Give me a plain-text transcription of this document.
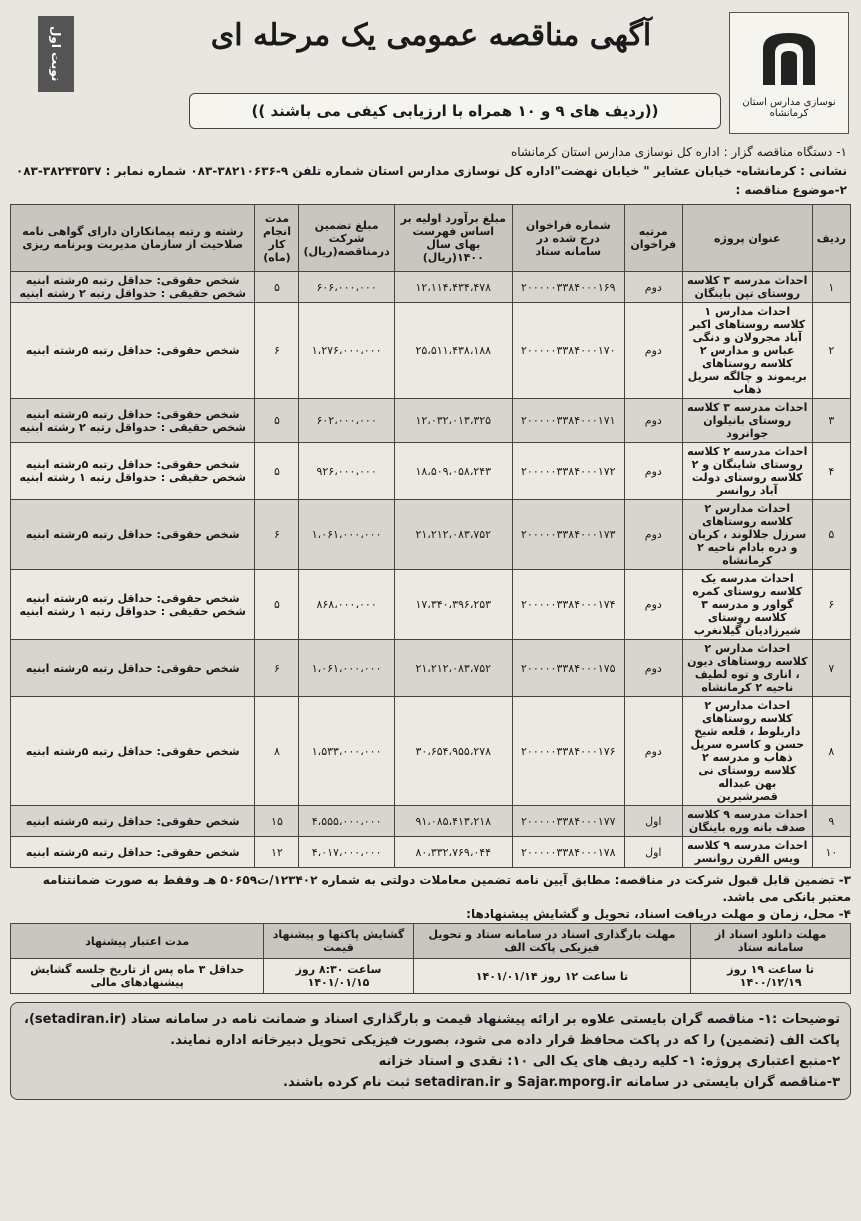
نوسازی مدارس استان کرمانشاه
آگهی مناقصه عمومی یک مرحله ای
نوبت اول
((ردیف های ۹ و ۱۰ همراه با ارزیابی کیفی می باشند ))
۱- دستگاه مناقصه گزار : اداره کل نوسازی مدارس استان کرمانشاه
نشانی : کرمانشاه- خیابان عشایر " خیابان نهضت"اداره کل نوسازی مدارس استان شماره تلفن ۹-۳۸۲۱۰۶۳۶-۰۸۳ شماره نمابر : ۳۸۲۴۳۵۳۷-۰۸۳
۲-موضوع مناقصه :
ردیف	عنوان پروژه	مرتبه فراخوان	شماره فراخوان درج شده در سامانه ستاد	مبلغ برآورد اولیه بر اساس فهرست بهای سال ۱۴۰۰(ریال)	مبلغ تضمین شرکت درمناقصه(ریال)	مدت انجام کار (ماه)	رشته و رتبه پیمانکاران دارای گواهی نامه صلاحیت از سازمان مدیریت وبرنامه ریزی
۱	احداث مدرسه ۳ کلاسه روستای تپن باینگان	دوم	۲۰۰۰۰۰۳۳۸۴۰۰۰۱۶۹	۱۲،۱۱۴،۴۳۴،۴۷۸	۶۰۶،۰۰۰،۰۰۰	۵	شخص حقوقی: حداقل رتبه ۵رشته ابنیه
شخص حقیقی : حدواقل رتبه ۲ رشته ابنیه
۲	احداث مدارس ۱ کلاسه روستاهای اکبر آباد مجرولان و دنگی عباس و مدارس ۲ کلاسه روستاهای بریموند و چالگه سریل ذهاب	دوم	۲۰۰۰۰۰۳۳۸۴۰۰۰۱۷۰	۲۵،۵۱۱،۴۳۸،۱۸۸	۱،۲۷۶،۰۰۰،۰۰۰	۶	شخص حقوقی: حداقل رتبه ۵رشته ابنیه
۳	احداث مدرسه ۳ کلاسه روستای بانیلوان جوانرود	دوم	۲۰۰۰۰۰۳۳۸۴۰۰۰۱۷۱	۱۲،۰۳۲،۰۱۳،۳۲۵	۶۰۲،۰۰۰،۰۰۰	۵	شخص حقوقی: حداقل رتبه ۵رشته ابنیه
شخص حقیقی : حدواقل رتبه ۲ رشته ابنیه
۴	احداث مدرسه ۲ کلاسه روستای شاینگان و ۲ کلاسه روستای دولت آباد روانسر	دوم	۲۰۰۰۰۰۳۳۸۴۰۰۰۱۷۲	۱۸،۵۰۹،۰۵۸،۲۴۳	۹۲۶،۰۰۰،۰۰۰	۵	شخص حقوقی: حداقل رتبه ۵رشته ابنیه
شخص حقیقی : حدواقل رتبه ۱ رشته ابنیه
۵	احداث مدارس ۲ کلاسه روستاهای سرزل جلالوند ، کربان و دره بادام ناحیه ۲ کرمانشاه	دوم	۲۰۰۰۰۰۳۳۸۴۰۰۰۱۷۳	۲۱،۲۱۲،۰۸۳،۷۵۲	۱،۰۶۱،۰۰۰،۰۰۰	۶	شخص حقوقی: حداقل رتبه ۵رشته ابنیه
۶	احداث مدرسه یک کلاسه روستای کمره گواور و مدرسه ۳ کلاسه روستای شیرزادیان گیلانغرب	دوم	۲۰۰۰۰۰۳۳۸۴۰۰۰۱۷۴	۱۷،۳۴۰،۳۹۶،۲۵۳	۸۶۸،۰۰۰،۰۰۰	۵	شخص حقوقی: حداقل رتبه ۵رشته ابنیه
شخص حقیقی : حدواقل رتبه ۱ رشته ابنیه
۷	احداث مدارس ۲ کلاسه روستاهای دیون ، اناری و توه لطیف ناحیه ۲ کرمانشاه	دوم	۲۰۰۰۰۰۳۳۸۴۰۰۰۱۷۵	۲۱،۲۱۲،۰۸۳،۷۵۲	۱،۰۶۱،۰۰۰،۰۰۰	۶	شخص حقوقی: حداقل رتبه ۵رشته ابنیه
۸	احداث مدارس ۲ کلاسه روستاهای داربلوط ، قلعه شیخ حسن و کاسره سرپل ذهاب و مدرسه ۲ کلاسه روستای نی بهن عبداله قصرشیرین	دوم	۲۰۰۰۰۰۳۳۸۴۰۰۰۱۷۶	۳۰،۶۵۴،۹۵۵،۲۷۸	۱،۵۳۳،۰۰۰،۰۰۰	۸	شخص حقوقی: حداقل رتبه ۵رشته ابنیه
۹	احداث مدرسه ۹ کلاسه صدف بانه وره باینگان	اول	۲۰۰۰۰۰۳۳۸۴۰۰۰۱۷۷	۹۱،۰۸۵،۴۱۳،۲۱۸	۴،۵۵۵،۰۰۰،۰۰۰	۱۵	شخص حقوقی: حداقل رتبه ۵رشته ابنیه
۱۰	احداث مدرسه ۹ کلاسه ویس القرن روانسر	اول	۲۰۰۰۰۰۳۳۸۴۰۰۰۱۷۸	۸۰،۳۳۲،۷۶۹،۰۴۴	۴،۰۱۷،۰۰۰،۰۰۰	۱۲	شخص حقوقی: حداقل رتبه ۵رشته ابنیه
۳- تضمین قابل قبول شرکت در مناقصه: مطابق آیین نامه تضمین معاملات دولتی به شماره ۱۲۳۴۰۲/ت۵۰۶۵۹ هـ وفقط به صورت ضمانتنامه معتبر بانکی می باشد.
۴- محل، زمان و مهلت دریافت اسناد، تحویل و گشایش پیشنهادها:
مهلت دانلود اسناد از سامانه ستاد	مهلت بارگذاری اسناد در سامانه ستاد و تحویل فیزیکی پاکت الف	گشایش پاکتها و پیشنهاد قیمت	مدت اعتبار پیشنهاد
تا ساعت ۱۹ روز ۱۴۰۰/۱۲/۱۹	تا ساعت ۱۲ روز ۱۴۰۱/۰۱/۱۴	ساعت ۸:۳۰ روز ۱۴۰۱/۰۱/۱۵	حداقل ۳ ماه پس از تاریخ جلسه گشایش پیشنهادهای مالی
توضیحات :۱- مناقصه گران بایستی علاوه بر ارائه پیشنهاد قیمت و بارگذاری اسناد و ضمانت نامه در سامانه ستاد (setadiran.ir)، پاکت الف (تضمین) را که در پاکت محافظ قرار داده می شود، بصورت فیزیکی تحویل دبیرخانه اداره نمایند.
۲-منبع اعتباری پروژه: ۱- کلیه ردیف های یک الی ۱۰: نقدی و اسناد خزانه
۳-مناقصه گران بایستی در سامانه Sajar.mporg.ir و setadiran.ir ثبت نام کرده باشند.
